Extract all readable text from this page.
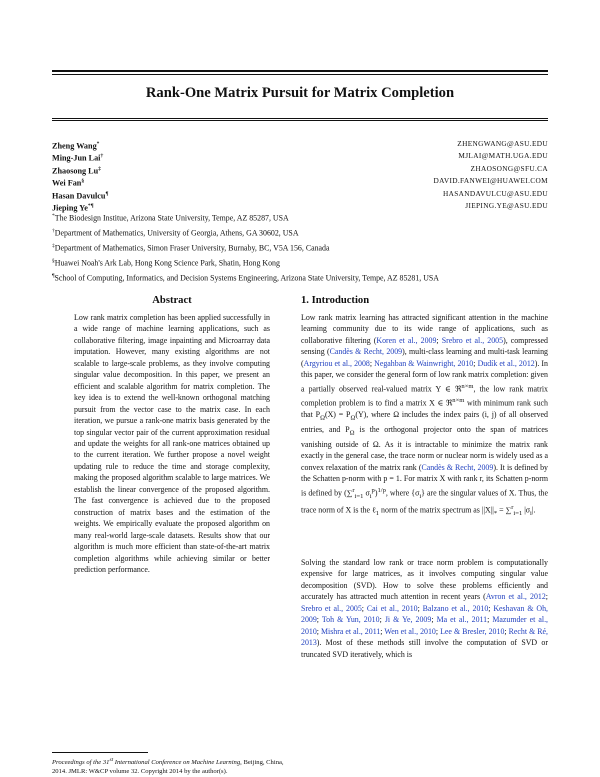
Rank-One Matrix Pursuit for Matrix Completion
Zheng Wang*	ZHENGWANG@ASU.EDU
Ming-Jun Lai†	MJLAI@MATH.UGA.EDU
Zhaosong Lu‡	ZHAOSONG@SFU.CA
Wei Fan§	DAVID.FANWEI@HUAWEI.COM
Hasan Davulcu¶	HASANDAVULCU@ASU.EDU
Jieping Ye*¶	JIEPING.YE@ASU.EDU
*The Biodesign Institue, Arizona State University, Tempe, AZ 85287, USA
†Department of Mathematics, University of Georgia, Athens, GA 30602, USA
‡Department of Mathematics, Simon Fraser University, Burnaby, BC, V5A 156, Canada
§Huawei Noah's Ark Lab, Hong Kong Science Park, Shatin, Hong Kong
¶School of Computing, Informatics, and Decision Systems Engineering, Arizona State University, Tempe, AZ 85281, USA
Abstract

Low rank matrix completion has been applied successfully in a wide range of machine learning applications, such as collaborative filtering, image inpainting and Microarray data imputation. However, many existing algorithms are not scalable to large-scale problems, as they involve computing singular value decomposition. In this paper, we present an efficient and scalable algorithm for matrix completion. The key idea is to extend the well-known orthogonal matching pursuit from the vector case to the matrix case. In each iteration, we pursue a rank-one matrix basis generated by the top singular vector pair of the current approximation residual and update the weights for all rank-one matrices obtained up to the current iteration. We further propose a novel weight updating rule to reduce the time and storage complexity, making the proposed algorithm scalable to large matrices. We establish the linear convergence of the proposed algorithm. The fast convergence is achieved due to the proposed construction of matrix bases and the estimation of the weights. We empirically evaluate the proposed algorithm on many real-world large-scale datasets. Results show that our algorithm is much more efficient than state-of-the-art matrix completion algorithms while achieving similar or better prediction performance.

1. Introduction

Low rank matrix learning has attracted significant attention in the machine learning community due to its wide range of applications, such as collaborative filtering (Koren et al., 2009; Srebro et al., 2005), compressed sensing (Candès & Recht, 2009), multi-class learning and multi-task learning (Argyriou et al., 2008; Negahban & Wainwright, 2010; Dudík et al., 2012). In this paper, we consider the general form of low rank matrix completion: given a partially observed real-valued matrix Y ∈ ℜ$^{n\times m}$, the low rank matrix completion problem is to find a matrix X ∈ ℜ$^{n\times m}$ with minimum rank such that $P_\Omega(X) = P_\Omega(Y)$, where Ω includes the index pairs (i, j) of all observed entries, and $P_\Omega$ is the orthogonal projector onto the span of matrices vanishing outside of Ω. As it is intractable to minimize the matrix rank exactly in the general case, the trace norm or nuclear norm is widely used as a convex relaxation of the matrix rank (Candès & Recht, 2009). It is defined by the Schatten p-norm with p = 1. For matrix X with rank r, its Schatten p-norm is defined by (∑$^r_{i=1}$ $\sigma_i^p)^{1/p}$, where $\{\sigma_i\}$ are the singular values of X. Thus, the trace norm of X is the ℓ$_1$ norm of the matrix spectrum as $||X||_* = \sum^r_{i=1}$ $|\sigma_i|$.

Solving the standard low rank or trace norm problem is computationally expensive for large matrices, as it involves computing singular value decomposition (SVD). How to solve these problems efficiently and accurately has attracted much attention in recent years (Avron et al., 2012; Srebro et al., 2005; Cai et al., 2010; Balzano et al., 2010; Keshavan & Oh, 2009; Toh & Yun, 2010; Ji & Ye, 2009; Ma et al., 2011; Mazumder et al., 2010; Mishra et al., 2011; Wen et al., 2010; Lee & Bresler, 2010; Recht & Ré, 2013). Most of these methods still involve the computation of SVD or truncated SVD iteratively, which is

Proceedings of the 31st International Conference on Machine Learning, Beijing, China, 2014. JMLR: W&CP volume 32. Copyright 2014 by the author(s).
